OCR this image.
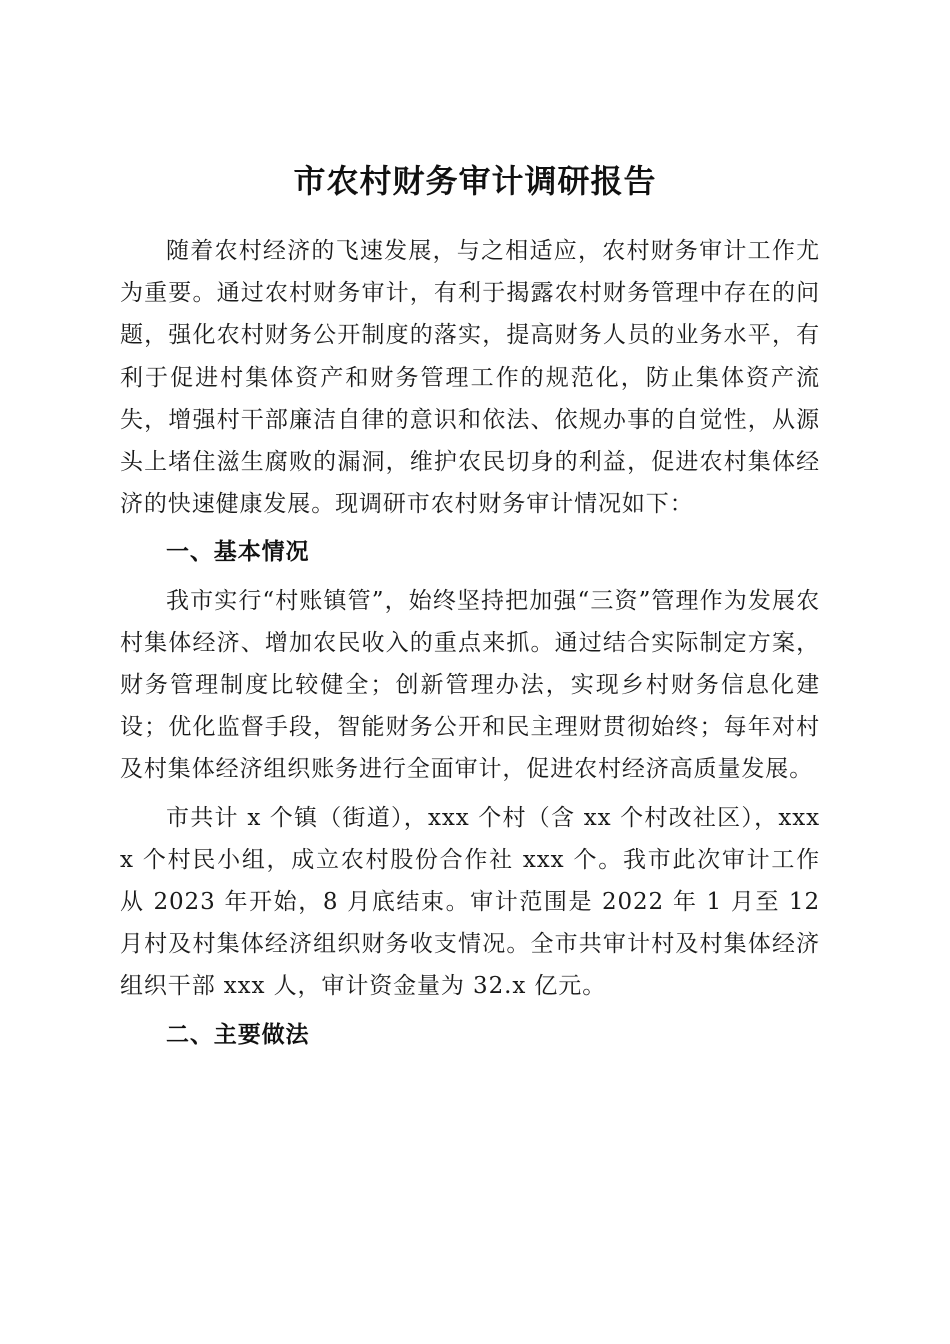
市农村财务审计调研报告

随着农村经济的飞速发展，与之相适应，农村财务审计工作尤为重要。通过农村财务审计，有利于揭露农村财务管理中存在的问题，强化农村财务公开制度的落实，提高财务人员的业务水平，有利于促进村集体资产和财务管理工作的规范化，防止集体资产流失，增强村干部廉洁自律的意识和依法、依规办事的自觉性，从源头上堵住滋生腐败的漏洞，维护农民切身的利益，促进农村集体经济的快速健康发展。现调研市农村财务审计情况如下：

一、基本情况

我市实行“村账镇管”，始终坚持把加强“三资”管理作为发展农村集体经济、增加农民收入的重点来抓。通过结合实际制定方案，财务管理制度比较健全；创新管理办法，实现乡村财务信息化建设；优化监督手段，智能财务公开和民主理财贯彻始终；每年对村及村集体经济组织账务进行全面审计，促进农村经济高质量发展。

市共计 x 个镇（街道），xxx 个村（含 xx 个村改社区），xxxx 个村民小组，成立农村股份合作社 xxx 个。我市此次审计工作从 2023 年开始，8 月底结束。审计范围是 2022 年 1 月至 12 月村及村集体经济组织财务收支情况。全市共审计村及村集体经济组织干部 xxx 人，审计资金量为 32.x 亿元。

二、主要做法
